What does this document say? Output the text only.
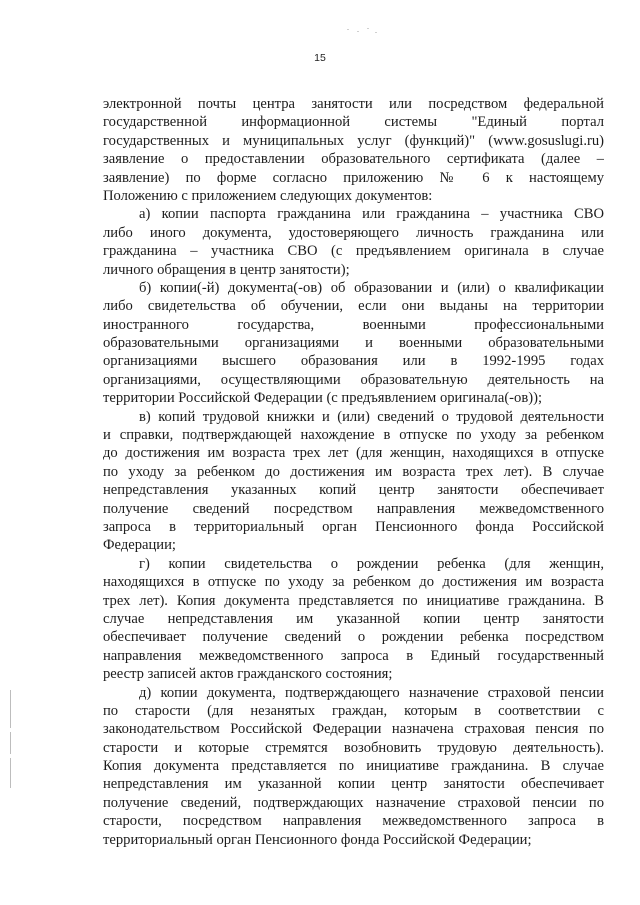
15
электронной почты центра занятости или посредством федеральной
государственной информационной системы "Единый портал
государственных и муниципальных услуг (функций)" (www.gosuslugi.ru)
заявление о предоставлении образовательного сертификата (далее –
заявление) по форме согласно приложению № 6 к настоящему
Положению с приложением следующих документов:
а) копии паспорта гражданина или гражданина – участника СВО
либо иного документа, удостоверяющего личность гражданина или
гражданина – участника СВО (с предъявлением оригинала в случае
личного обращения в центр занятости);
б) копии(-й) документа(-ов) об образовании и (или) о квалификации
либо свидетельства об обучении, если они выданы на территории
иностранного государства, военными профессиональными
образовательными организациями и военными образовательными
организациями высшего образования или в 1992-1995 годах
организациями, осуществляющими образовательную деятельность на
территории Российской Федерации (с предъявлением оригинала(-ов));
в) копий трудовой книжки и (или) сведений о трудовой деятельности
и справки, подтверждающей нахождение в отпуске по уходу за ребенком
до достижения им возраста трех лет (для женщин, находящихся в отпуске
по уходу за ребенком до достижения им возраста трех лет). В случае
непредставления указанных копий центр занятости обеспечивает
получение сведений посредством направления межведомственного
запроса в территориальный орган Пенсионного фонда Российской
Федерации;
г) копии свидетельства о рождении ребенка (для женщин,
находящихся в отпуске по уходу за ребенком до достижения им возраста
трех лет). Копия документа представляется по инициативе гражданина. В
случае непредставления им указанной копии центр занятости
обеспечивает получение сведений о рождении ребенка посредством
направления межведомственного запроса в Единый государственный
реестр записей актов гражданского состояния;
д) копии документа, подтверждающего назначение страховой пенсии
по старости (для незанятых граждан, которым в соответствии с
законодательством Российской Федерации назначена страховая пенсия по
старости и которые стремятся возобновить трудовую деятельность).
Копия документа представляется по инициативе гражданина. В случае
непредставления им указанной копии центр занятости обеспечивает
получение сведений, подтверждающих назначение страховой пенсии по
старости, посредством направления межведомственного запроса в
территориальный орган Пенсионного фонда Российской Федерации;
